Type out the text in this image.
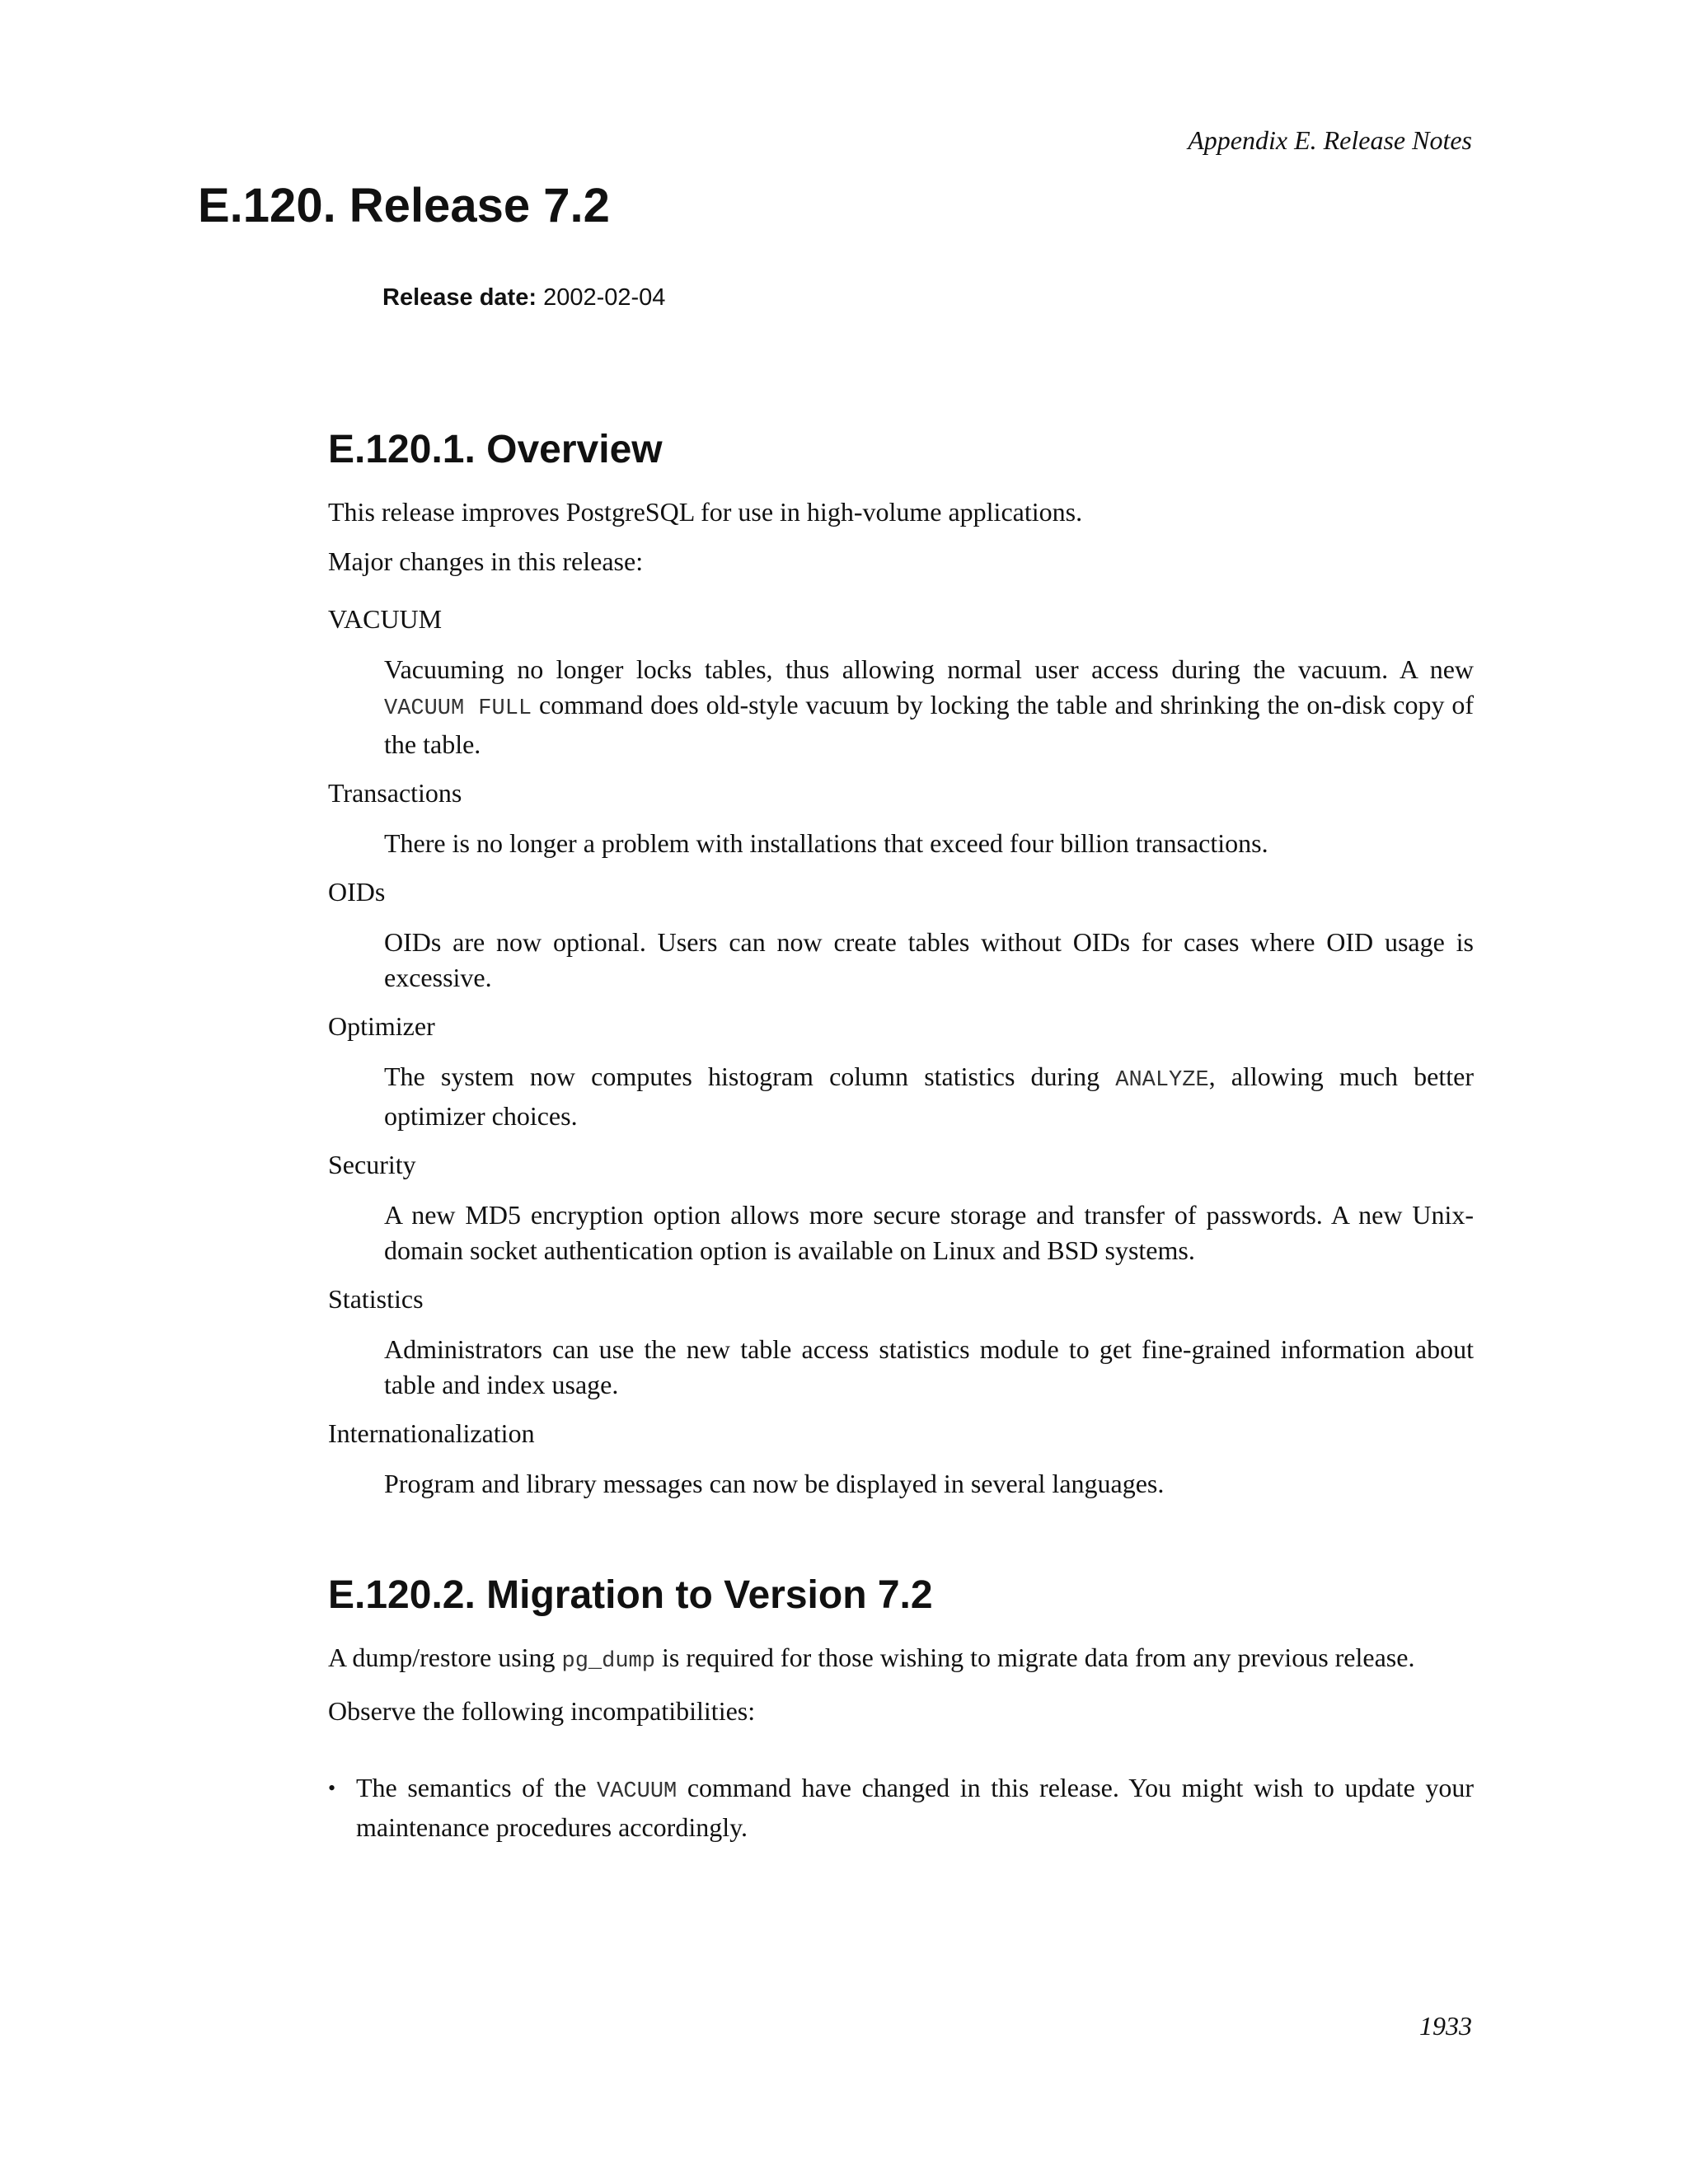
Appendix E. Release Notes
E.120. Release 7.2
Release date: 2002-02-04
E.120.1. Overview

This release improves PostgreSQL for use in high-volume applications.

Major changes in this release:

VACUUM

Vacuuming no longer locks tables, thus allowing normal user access during the vacuum. A new VACUUM FULL command does old-style vacuum by locking the table and shrinking the on-disk copy of the table.

Transactions

There is no longer a problem with installations that exceed four billion transactions.

OIDs

OIDs are now optional. Users can now create tables without OIDs for cases where OID usage is excessive.

Optimizer

The system now computes histogram column statistics during ANALYZE, allowing much better optimizer choices.

Security

A new MD5 encryption option allows more secure storage and transfer of passwords. A new Unix-domain socket authentication option is available on Linux and BSD systems.

Statistics

Administrators can use the new table access statistics module to get fine-grained information about table and index usage.

Internationalization

Program and library messages can now be displayed in several languages.

E.120.2. Migration to Version 7.2

A dump/restore using pg_dump is required for those wishing to migrate data from any previous release.

Observe the following incompatibilities:

• The semantics of the VACUUM command have changed in this release. You might wish to update your maintenance procedures accordingly.
1933
